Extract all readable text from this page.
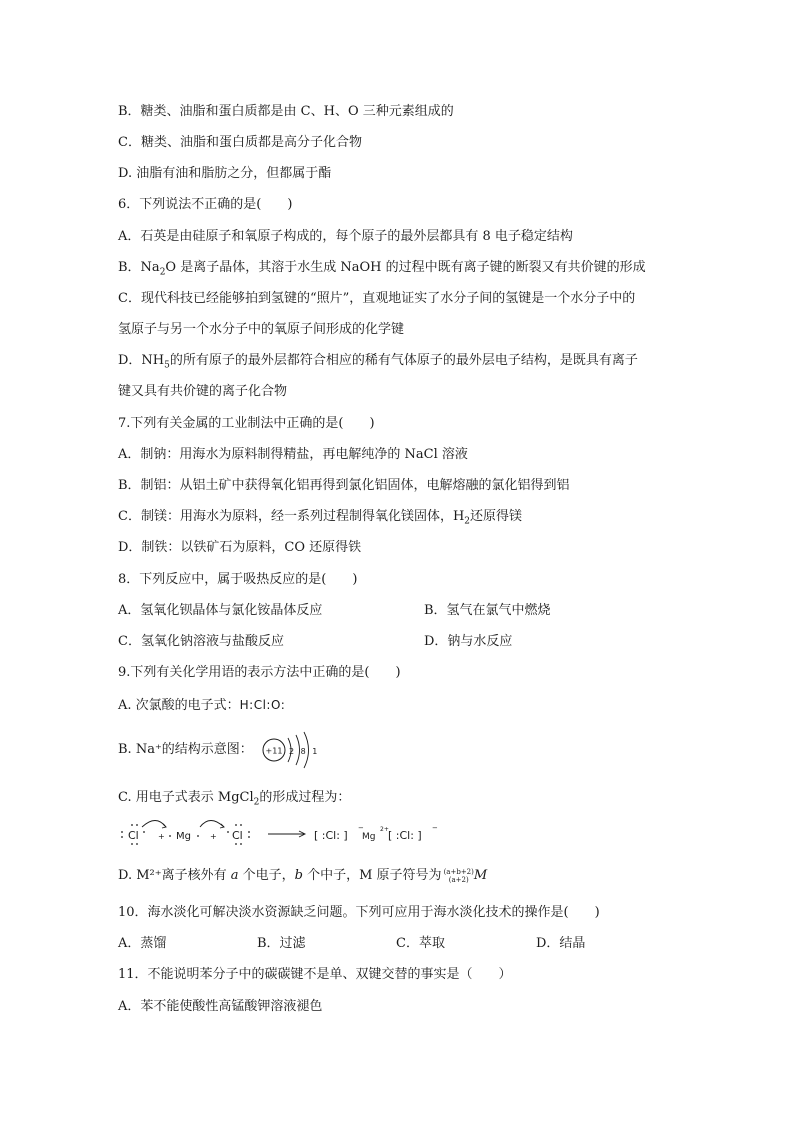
B．糖类、油脂和蛋白质都是由 C、H、O 三种元素组成的
C．糖类、油脂和蛋白质都是高分子化合物
D. 油脂有油和脂肪之分，但都属于酯
6．下列说法不正确的是(　　)
A．石英是由硅原子和氧原子构成的，每个原子的最外层都具有 8 电子稳定结构
B．$Na_2O$ 是离子晶体，其溶于水生成 NaOH 的过程中既有离子键的断裂又有共价键的形成
C．现代科技已经能够拍到氢键的“照片”，直观地证实了水分子间的氢键是一个水分子中的
氢原子与另一个水分子中的氧原子间形成的化学键
D．$NH_5$的所有原子的最外层都符合相应的稀有气体原子的最外层电子结构，是既具有离子
键又具有共价键的离子化合物
7.下列有关金属的工业制法中正确的是(　　)
A．制钠：用海水为原料制得精盐，再电解纯净的 NaCl 溶液
B．制铝：从铝土矿中获得氧化铝再得到氯化铝固体，电解熔融的氯化铝得到铝
C．制镁：用海水为原料，经一系列过程制得氧化镁固体，$H_2$还原得镁
D．制铁：以铁矿石为原料，CO 还原得铁
8．下列反应中，属于吸热反应的是(　　)
A．氢氧化钡晶体与氯化铵晶体反应	B．氢气在氯气中燃烧
C．氢氧化钠溶液与盐酸反应	D．钠与水反应
9.下列有关化学用语的表示方法中正确的是(　　)
A. 次氯酸的电子式：H:Cl:O:
B. Na⁺的结构示意图： +11 2 8 1
C. 用电子式表示 MgCl$_2$的形成过程为：
Cl + Mg + Cl	[ :Cl: ]
−
Mg
2+ [ :Cl: ]
−
D. M²⁺离子核外有 a 个电子，b 个中子，M 原子符号为 (a+b+2)
(a+2) M
10．海水淡化可解决淡水资源缺乏问题。下列可应用于海水淡化技术的操作是(　　)
A．蒸馏	B．过滤	C．萃取	D．结晶
11．不能说明苯分子中的碳碳键不是单、双键交替的事实是（　　）
A．苯不能使酸性高锰酸钾溶液褪色
